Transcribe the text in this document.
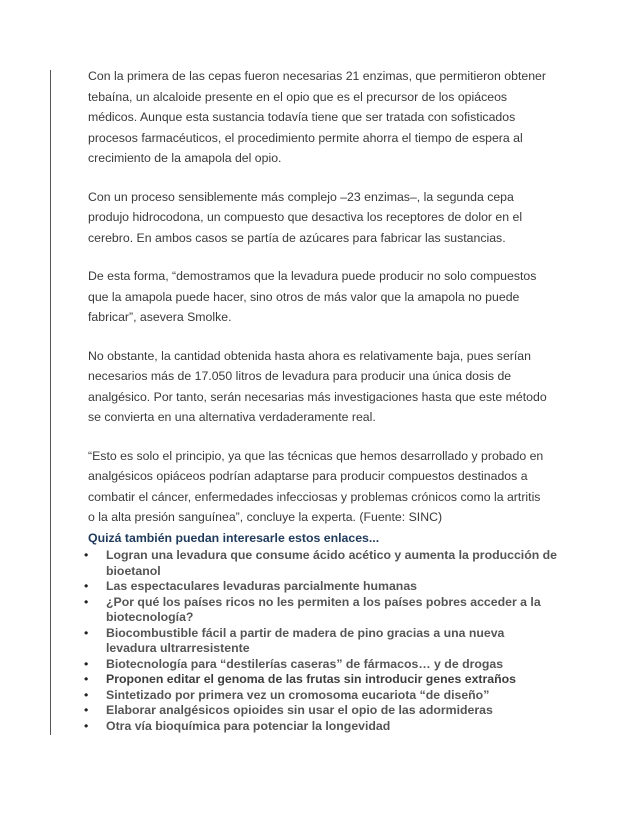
Con la primera de las cepas fueron necesarias 21 enzimas, que permitieron obtener tebaína, un alcaloide presente en el opio que es el precursor de los opiáceos médicos. Aunque esta sustancia todavía tiene que ser tratada con sofisticados procesos farmacéuticos, el procedimiento permite ahorra el tiempo de espera al crecimiento de la amapola del opio.

Con un proceso sensiblemente más complejo –23 enzimas–, la segunda cepa produjo hidrocodona, un compuesto que desactiva los receptores de dolor en el cerebro. En ambos casos se partía de azúcares para fabricar las sustancias.

De esta forma, “demostramos que la levadura puede producir no solo compuestos que la amapola puede hacer, sino otros de más valor que la amapola no puede fabricar”, asevera Smolke.

No obstante, la cantidad obtenida hasta ahora es relativamente baja, pues serían necesarios más de 17.050 litros de levadura para producir una única dosis de analgésico. Por tanto, serán necesarias más investigaciones hasta que este método se convierta en una alternativa verdaderamente real.

“Esto es solo el principio, ya que las técnicas que hemos desarrollado y probado en analgésicos opiáceos podrían adaptarse para producir compuestos destinados a combatir el cáncer, enfermedades infecciosas y problemas crónicos como la artritis o la alta presión sanguínea”, concluye la experta. (Fuente: SINC)

Quizá también puedan interesarle estos enlaces...
• Logran una levadura que consume ácido acético y aumenta la producción de bioetanol
• Las espectaculares levaduras parcialmente humanas
• ¿Por qué los países ricos no les permiten a los países pobres acceder a la biotecnología?
• Biocombustible fácil a partir de madera de pino gracias a una nueva levadura ultrarresistente
• Biotecnología para “destilerías caseras” de fármacos… y de drogas
• Proponen editar el genoma de las frutas sin introducir genes extraños
• Sintetizado por primera vez un cromosoma eucariota “de diseño”
• Elaborar analgésicos opioides sin usar el opio de las adormideras
• Otra vía bioquímica para potenciar la longevidad
